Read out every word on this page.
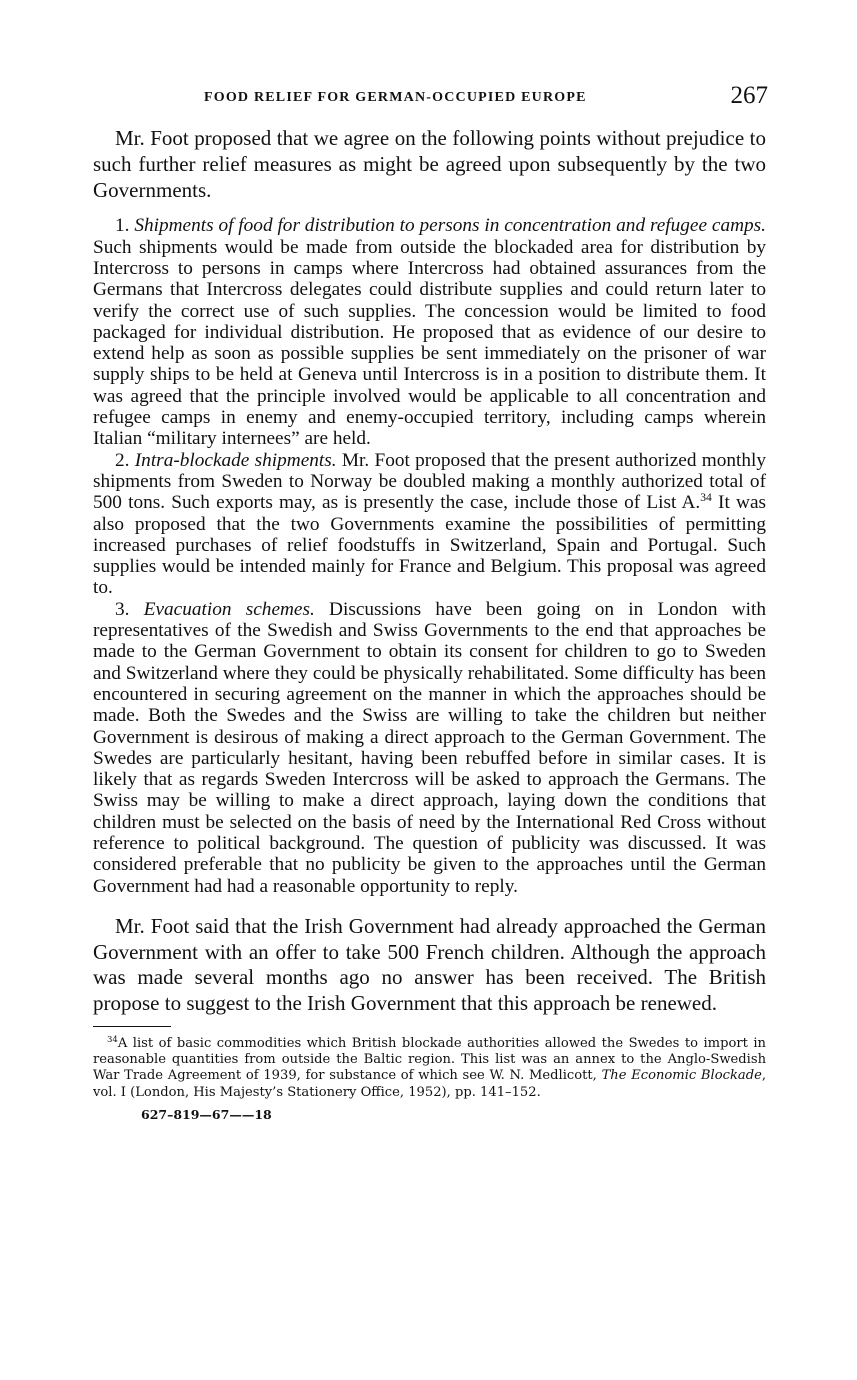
FOOD RELIEF FOR GERMAN-OCCUPIED EUROPE	267

Mr. Foot proposed that we agree on the following points without prejudice to such further relief measures as might be agreed upon subsequently by the two Governments.

1. Shipments of food for distribution to persons in concentration and refugee camps. Such shipments would be made from outside the blockaded area for distribution by Intercross to persons in camps where Intercross had obtained assurances from the Germans that Intercross delegates could distribute supplies and could return later to verify the correct use of such supplies. The concession would be limited to food packaged for individual distribution. He proposed that as evidence of our desire to extend help as soon as possible supplies be sent immediately on the prisoner of war supply ships to be held at Geneva until Intercross is in a position to distribute them. It was agreed that the principle involved would be applicable to all concentration and refugee camps in enemy and enemy-occupied territory, including camps wherein Italian “military internees” are held.

2. Intra-blockade shipments. Mr. Foot proposed that the present authorized monthly shipments from Sweden to Norway be doubled making a monthly authorized total of 500 tons. Such exports may, as is presently the case, include those of List A.$^{34}$ It was also proposed that the two Governments examine the possibilities of permitting increased purchases of relief foodstuffs in Switzerland, Spain and Portugal. Such supplies would be intended mainly for France and Belgium. This proposal was agreed to.

3. Evacuation schemes. Discussions have been going on in London with representatives of the Swedish and Swiss Governments to the end that approaches be made to the German Government to obtain its consent for children to go to Sweden and Switzerland where they could be physically rehabilitated. Some difficulty has been encountered in securing agreement on the manner in which the approaches should be made. Both the Swedes and the Swiss are willing to take the children but neither Government is desirous of making a direct approach to the German Government. The Swedes are particularly hesitant, having been rebuffed before in similar cases. It is likely that as regards Sweden Intercross will be asked to approach the Germans. The Swiss may be willing to make a direct approach, laying down the conditions that children must be selected on the basis of need by the International Red Cross without reference to political background. The question of publicity was discussed. It was considered preferable that no publicity be given to the approaches until the German Government had had a reasonable opportunity to reply.

Mr. Foot said that the Irish Government had already approached the German Government with an offer to take 500 French children. Although the approach was made several months ago no answer has been received. The British propose to suggest to the Irish Government that this approach be renewed.

$^{34}$A list of basic commodities which British blockade authorities allowed the Swedes to import in reasonable quantities from outside the Baltic region. This list was an annex to the Anglo-Swedish War Trade Agreement of 1939, for substance of which see W. N. Medlicott, The Economic Blockade, vol. I (London, His Majesty’s Stationery Office, 1952), pp. 141–152.

627–819—67——18
